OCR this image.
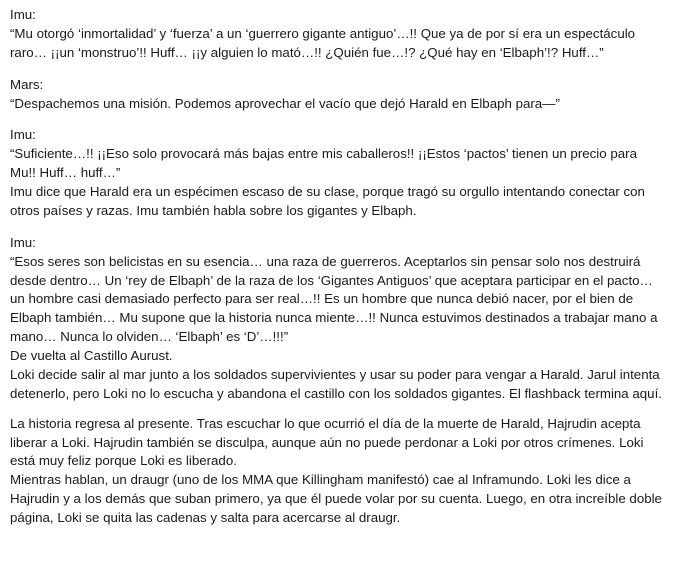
Imu:

“Mu otorgó ‘inmortalidad’ y ‘fuerza’ a un ‘guerrero gigante antiguo’…!! Que ya de por sí era un espectáculo raro… ¡¡un ‘monstruo’!! Huff… ¡¡y alguien lo mató…!! ¿Quién fue…!? ¿Qué hay en ‘Elbaph’!? Huff…”

Mars:

“Despachemos una misión. Podemos aprovechar el vacío que dejó Harald en Elbaph para—”

Imu:

“Suficiente…!! ¡¡Eso solo provocará más bajas entre mis caballeros!! ¡¡Estos ‘pactos’ tienen un precio para Mu!! Huff… huff…”

Imu dice que Harald era un espécimen escaso de su clase, porque tragó su orgullo intentando conectar con otros países y razas. Imu también habla sobre los gigantes y Elbaph.

Imu:

“Esos seres son belicistas en su esencia… una raza de guerreros. Aceptarlos sin pensar solo nos destruirá desde dentro… Un ‘rey de Elbaph’ de la raza de los ‘Gigantes Antiguos’ que aceptara participar en el pacto… un hombre casi demasiado perfecto para ser real…!! Es un hombre que nunca debió nacer, por el bien de Elbaph también… Mu supone que la historia nunca miente…!! Nunca estuvimos destinados a trabajar mano a mano… Nunca lo olviden… ‘Elbaph’ es ‘D’…!!!”

De vuelta al Castillo Aurust.

Loki decide salir al mar junto a los soldados supervivientes y usar su poder para vengar a Harald. Jarul intenta detenerlo, pero Loki no lo escucha y abandona el castillo con los soldados gigantes. El flashback termina aquí.

La historia regresa al presente. Tras escuchar lo que ocurrió el día de la muerte de Harald, Hajrudin acepta liberar a Loki. Hajrudin también se disculpa, aunque aún no puede perdonar a Loki por otros crímenes. Loki está muy feliz porque Loki es liberado.

Mientras hablan, un draugr (uno de los MMA que Killingham manifestó) cae al Inframundo. Loki les dice a Hajrudin y a los demás que suban primero, ya que él puede volar por su cuenta. Luego, en otra increíble doble página, Loki se quita las cadenas y salta para acercarse al draugr.
